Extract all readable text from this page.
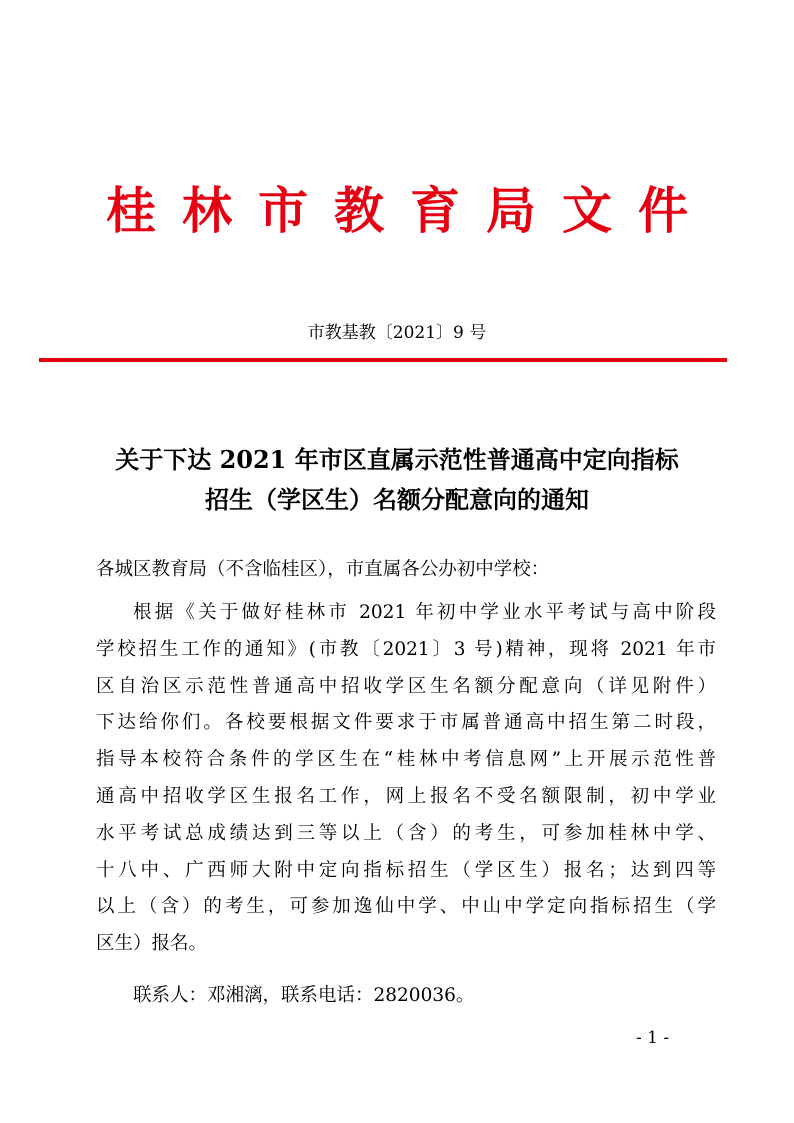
桂林市教育局文件
市教基教〔2021〕9 号
关于下达 2021 年市区直属示范性普通高中定向指标
招生（学区生）名额分配意向的通知
各城区教育局（不含临桂区），市直属各公办初中学校：
根据《关于做好桂林市 2021 年初中学业水平考试与高中阶段
学校招生工作的通知》(市教〔2021〕3 号)精神，现将 2021 年市
区自治区示范性普通高中招收学区生名额分配意向（详见附件）
下达给你们。各校要根据文件要求于市属普通高中招生第二时段，
指导本校符合条件的学区生在“桂林中考信息网”上开展示范性普
通高中招收学区生报名工作，网上报名不受名额限制，初中学业
水平考试总成绩达到三等以上（含）的考生，可参加桂林中学、
十八中、广西师大附中定向指标招生（学区生）报名；达到四等
以上（含）的考生，可参加逸仙中学、中山中学定向指标招生（学
区生）报名。
联系人：邓湘漓，联系电话：2820036。
- 1 -
